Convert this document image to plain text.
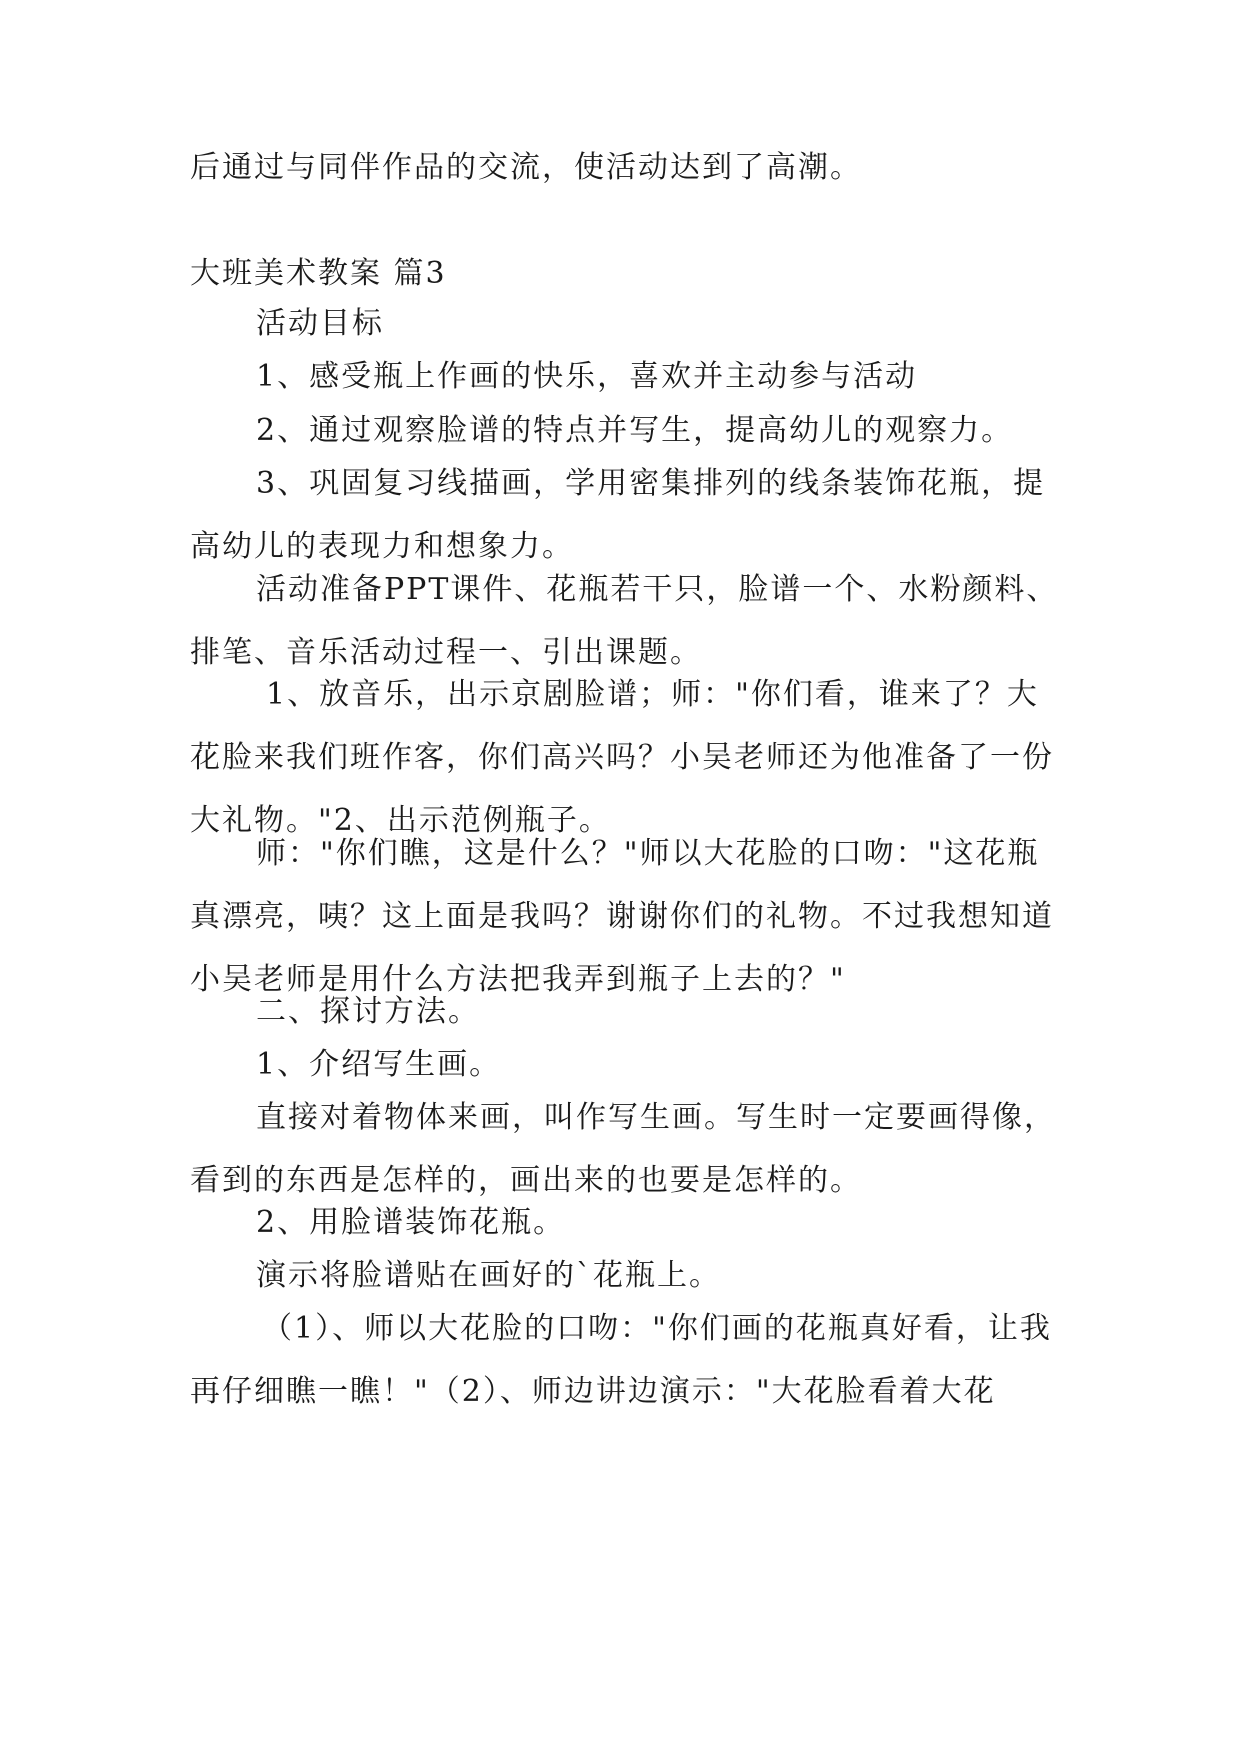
后通过与同伴作品的交流，使活动达到了高潮。

大班美术教案 篇3

活动目标

1、感受瓶上作画的快乐，喜欢并主动参与活动

2、通过观察脸谱的特点并写生，提高幼儿的观察力。

3、巩固复习线描画，学用密集排列的线条装饰花瓶，提高幼儿的表现力和想象力。

活动准备PPT课件、花瓶若干只，脸谱一个、水粉颜料、排笔、音乐活动过程一、引出课题。

1、放音乐，出示京剧脸谱；师："你们看，谁来了？大花脸来我们班作客，你们高兴吗？小吴老师还为他准备了一份大礼物。"2、出示范例瓶子。

师："你们瞧，这是什么？"师以大花脸的口吻："这花瓶真漂亮，咦？这上面是我吗？谢谢你们的礼物。不过我想知道小吴老师是用什么方法把我弄到瓶子上去的？"

二、探讨方法。

1、介绍写生画。

直接对着物体来画，叫作写生画。写生时一定要画得像，看到的东西是怎样的，画出来的也要是怎样的。

2、用脸谱装饰花瓶。

演示将脸谱贴在画好的`花瓶上。

（1）、师以大花脸的口吻："你们画的花瓶真好看，让我再仔细瞧一瞧！"（2）、师边讲边演示："大花脸看着大花
